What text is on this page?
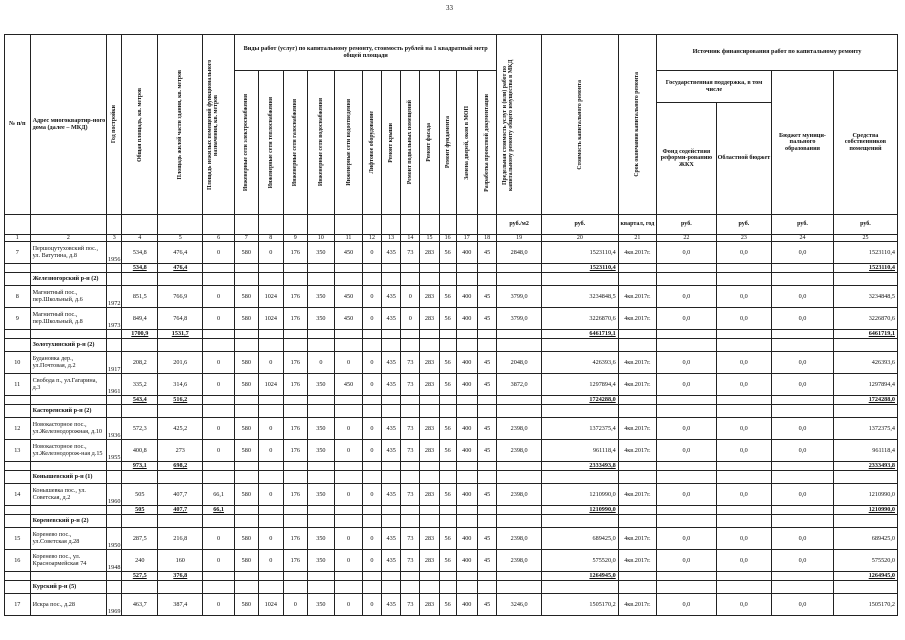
33
№ п/п	Адрес многоквартир-ного дома (далее – МКД)	Год постройки	Общая площадь, кв. метров	Площадь жилой части здания, кв. метров	Площадь нежилых помещений функционального назначения, кв. метров	Виды работ (услуг) по капитальному ремонту, стоимость рублей на 1 квадратный метр общей площади												Предельная стоимость услуг и (или) работ по капитальному ремонту общего имущества в МКД	Стоимость капитального ремонта	Срок окончания капитального ремонта	Источник финансирования работ по капитальному ремонту			

						Инженерные сети электроснабжения	Инженерные сети теплоснабжения	Инженерные сети газоснабжения	Инженерные сети водоснабжения	Инженерные сети водоотведения	Лифтовое оборудование	Ремонт крыши	Ремонт подвальных помещений	Ремонт фасада	Ремонт фундамента	Замена дверей, окон в МОП	Разработка проектной документации				Государственная поддержка, в том числе		Бюджет муници-пального образования	Средства собственников помещений
																					Фонд содействия реформи-рованию ЖКХ	Областной бюджет		
																		руб./м2	руб.	квартал, год	руб.	руб.	руб.	руб.
1	2	3	4	5	6	7	8	9	10	11	12	13	14	15	16	17	18	19	20	21	22	23	24	25
7	Першоцутуховский пос., ул. Ватутина, д.8	1956	534,8	476,4	0	580	0	176	350	450	0	435	73	283	56	400	45	2848,0	1523110,4	4кв.2017г.	0,0	0,0	0,0	1523110,4
			534,8	476,4															1523110,4					1523110,4
	Железногорский р-н (2)																							
8	Магнитный пос., пер.Школьный, д.6	1972	851,5	766,9	0	580	1024	176	350	450	0	435	0	283	56	400	45	3799,0	3234848,5	4кв.2017г.	0,0	0,0	0,0	3234848,5
9	Магнитный пос., пер.Школьный, д.8	1973	849,4	764,8	0	580	1024	176	350	450	0	435	0	283	56	400	45	3799,0	3226870,6	4кв.2017г.	0,0	0,0	0,0	3226870,6
			1700,9	1531,7															6461719,1					6461719,1
	Золотухинский р-н (2)																							
10	Будановка дер., ул.Почтовая, д.2	1917	208,2	201,6	0	580	0	176	0	0	0	435	73	283	56	400	45	2048,0	426393,6	4кв.2017г.	0,0	0,0	0,0	426393,6
11	Свобода п., ул.Гагарина, д.3	1961	335,2	314,6	0	580	1024	176	350	450	0	435	73	283	56	400	45	3872,0	1297894,4	4кв.2017г.	0,0	0,0	0,0	1297894,4
			543,4	516,2															1724288,0					1724288,0
	Касторенский р-н (2)																							
12	Новокасторное пос., ул.Железнодорожная, д.10	1936	572,3	425,2	0	580	0	176	350	0	0	435	73	283	56	400	45	2398,0	1372375,4	4кв.2017г.	0,0	0,0	0,0	1372375,4
13	Новокасторное пос., ул.Железнодорож-ная д.15	1955	400,8	273	0	580	0	176	350	0	0	435	73	283	56	400	45	2398,0	961118,4	4кв.2017г.	0,0	0,0	0,0	961118,4
			973,1	698,2															2333493,8					2333493,8
	Конышевский р-н (1)																							
14	Конышевка пос., ул. Советская, д.2	1960	505	407,7	66,1	580	0	176	350	0	0	435	73	283	56	400	45	2398,0	1210990,0	4кв.2017г.	0,0	0,0	0,0	1210990,0
			505	407,7	66,1														1210990,0					1210990,0
	Кореневский р-н (2)																							
15	Коренево пос., ул.Советская д.28	1950	287,5	216,8	0	580	0	176	350	0	0	435	73	283	56	400	45	2398,0	689425,0	4кв.2017г.	0,0	0,0	0,0	689425,0
16	Коренево пос., ул. Красноармейская 74	1948	240	160	0	580	0	176	350	0	0	435	73	283	56	400	45	2398,0	575520,0	4кв.2017г.	0,0	0,0	0,0	575520,0
			527,5	376,8															1264945,0					1264945,0
	Курский р-н (5)																							
17	Искра пос., д.28	1969	463,7	387,4	0	580	1024	0	350	0	0	435	73	283	56	400	45	3246,0	1505170,2	4кв.2017г.	0,0	0,0	0,0	1505170,2
